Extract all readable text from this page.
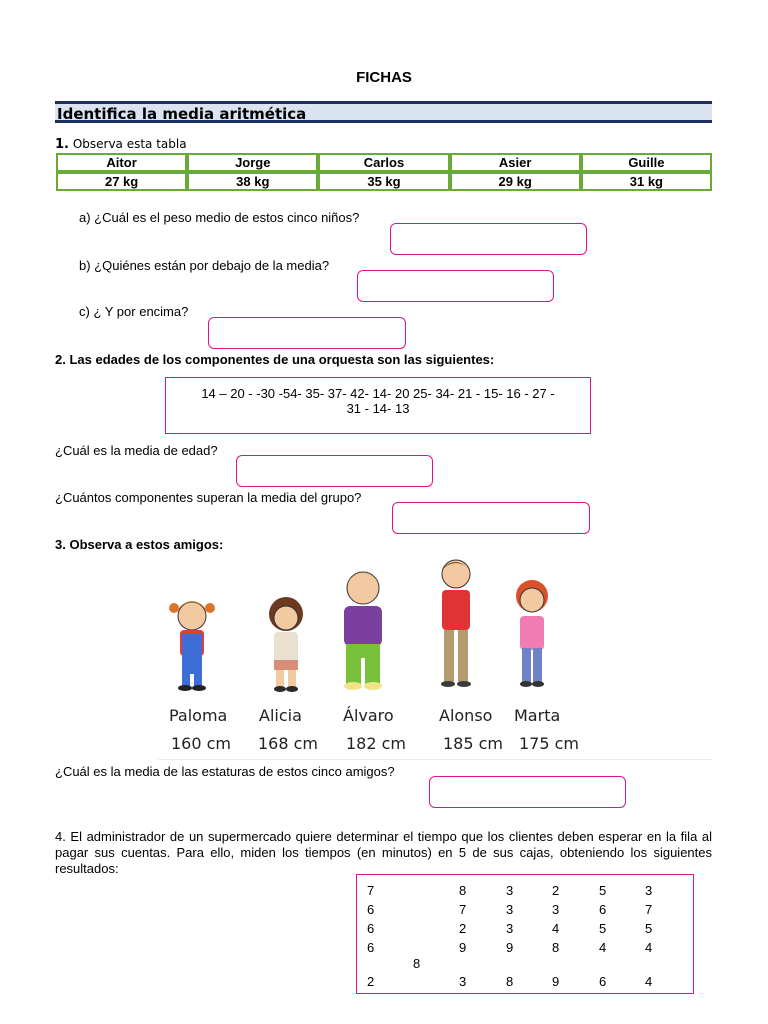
FICHAS
Identifica la media aritmética
1. Observa esta tabla
Aitor	Jorge	Carlos	Asier	Guille
27 kg	38 kg	35 kg	29 kg	31 kg
a) ¿Cuál es el peso medio de estos cinco niños?
b) ¿Quiénes están por debajo de la media?
c) ¿ Y por encima?
2. Las edades de los componentes de una orquesta son las siguientes:
14 – 20 - -30 -54- 35- 37- 42- 14- 20 25- 34- 21 - 15- 16 - 27 -
31 - 14- 13
¿Cuál es la media de edad?
¿Cuántos componentes superan la media del grupo?
3. Observa a estos amigos:
Paloma Alicia	Álvaro	Alonso Marta
160 cm 168 cm 182 cm 185 cm 175 cm
¿Cuál es la media de las estaturas de estos cinco amigos?
4. El administrador de un supermercado quiere determinar el tiempo que los clientes deben esperar en la fila al pagar sus cuentas. Para ello, miden los tiempos (en minutos) en 5 de sus cajas, obteniendo los siguientes resultados:
7	8	3	2	5	3
6	7	3	3	6	7
6	2	3	4	5	5
6	9	9	8	4	4
8
2	3	8	9	6	4
